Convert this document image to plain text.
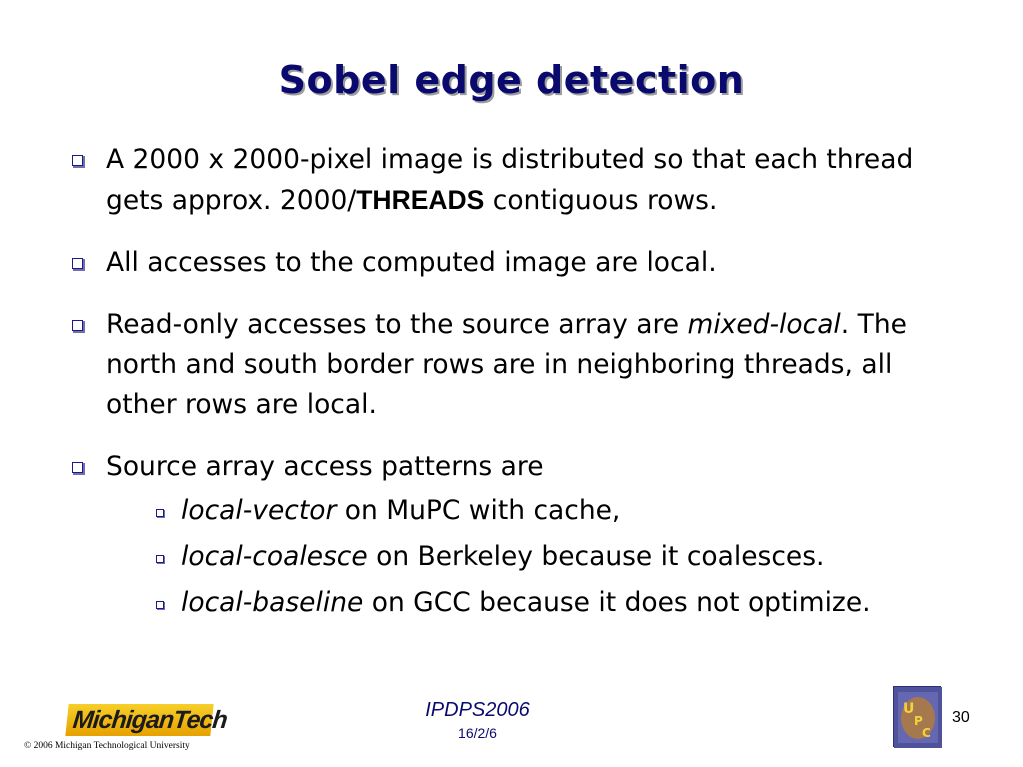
Sobel edge detection
A 2000 x 2000-pixel image is distributed so that each thread gets approx. 2000/THREADS contiguous rows.
All accesses to the computed image are local.
Read-only accesses to the source array are mixed-local. The north and south border rows are in neighboring threads, all other rows are local.
Source array access patterns are
local-vector on MuPC with cache,
local-coalesce on Berkeley because it coalesces.
local-baseline on GCC because it does not optimize.
MichiganTech
© 2006 Michigan Technological University
IPDPS2006
16/2/6
U
P
C
30
